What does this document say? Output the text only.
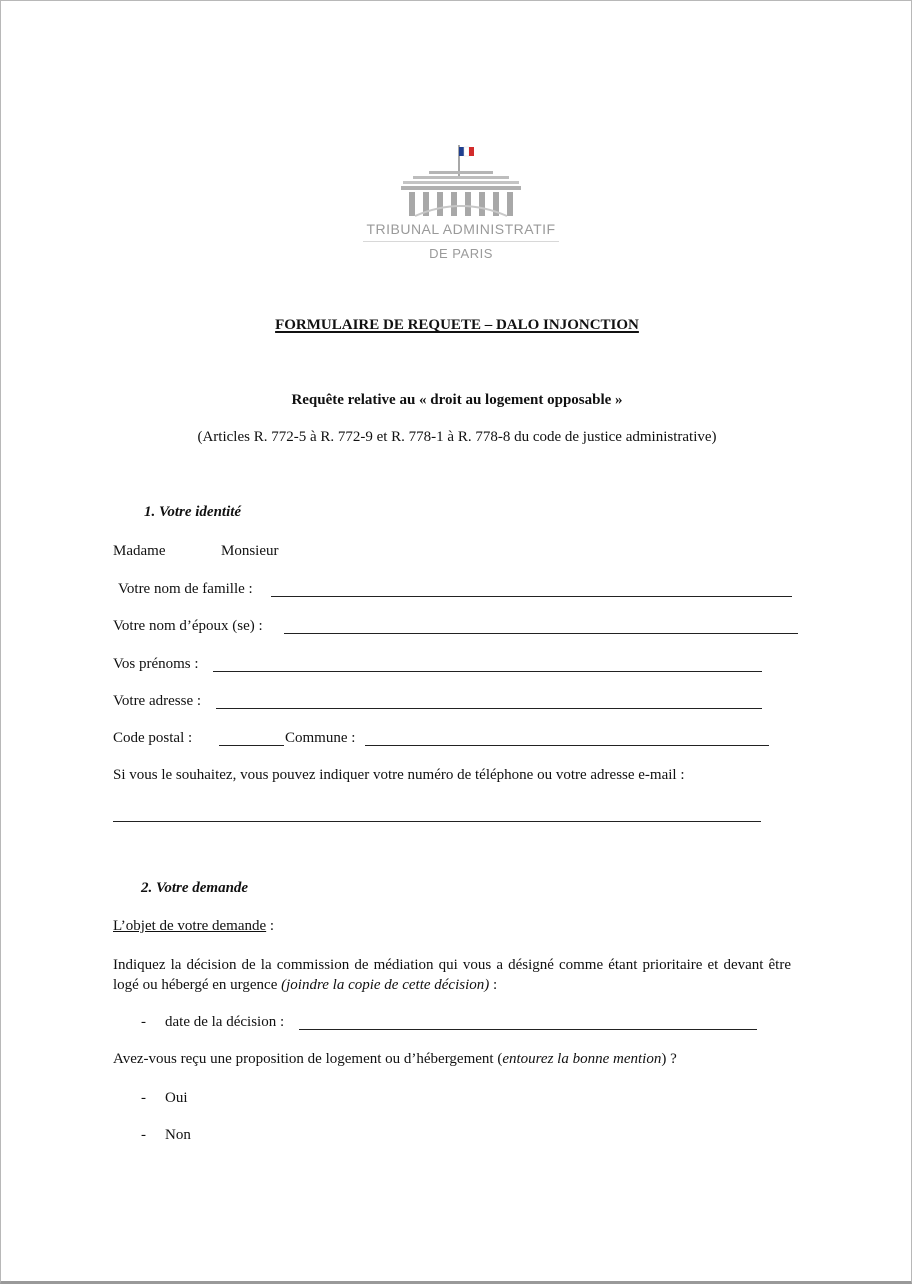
TRIBUNAL ADMINISTRATIF
DE PARIS
FORMULAIRE DE REQUETE – DALO INJONCTION
Requête relative au « droit au logement opposable »
(Articles R. 772-5 à R. 772-9 et R. 778-1 à R. 778-8 du code de justice administrative)
1. Votre identité
Madame	Monsieur
Votre nom de famille :
Votre nom d’époux (se) :
Vos prénoms :
Votre adresse :
Code postal :	Commune :
Si vous le souhaitez, vous pouvez indiquer votre numéro de téléphone ou votre adresse e-mail :
2. Votre demande
L’objet de votre demande :
Indiquez la décision de la commission de médiation qui vous a désigné comme étant prioritaire et devant être logé ou hébergé en urgence (joindre la copie de cette décision) :
- date de la décision :
Avez-vous reçu une proposition de logement ou d’hébergement (entourez la bonne mention) ?
- Oui
- Non
